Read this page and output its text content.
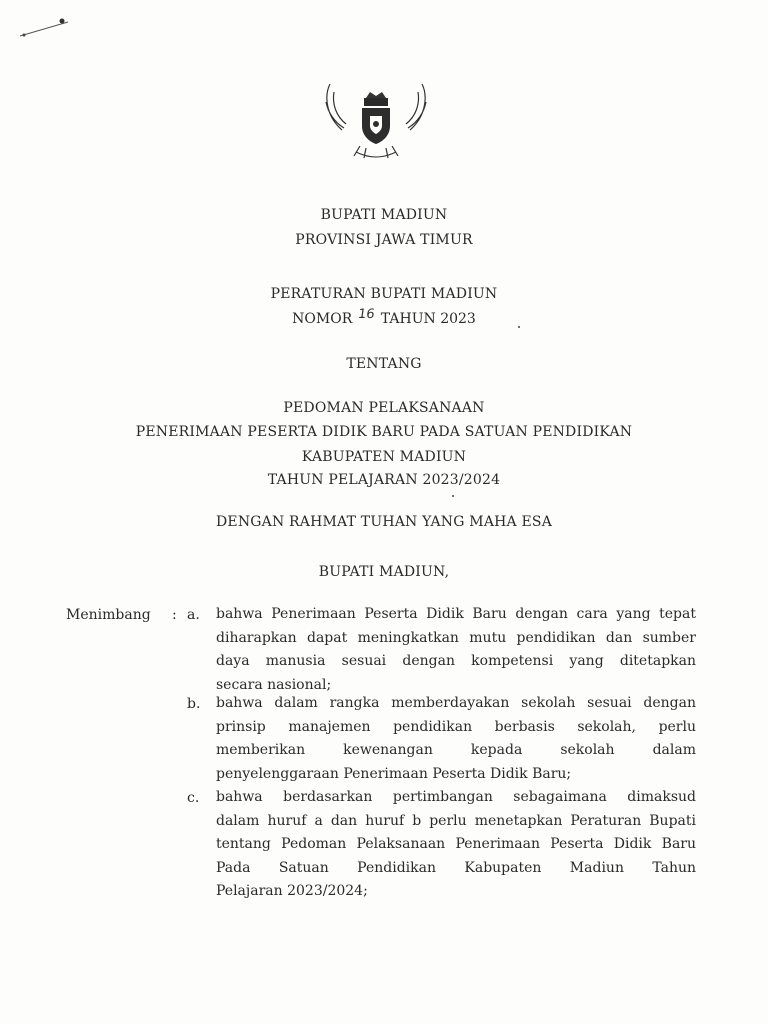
BUPATI MADIUN
PROVINSI JAWA TIMUR
PERATURAN BUPATI MADIUN
NOMOR 16 TAHUN 2023
TENTANG
PEDOMAN PELAKSANAAN
PENERIMAAN PESERTA DIDIK BARU PADA SATUAN PENDIDIKAN
KABUPATEN MADIUN
TAHUN PELAJARAN 2023/2024
DENGAN RAHMAT TUHAN YANG MAHA ESA
BUPATI MADIUN,
Menimbang : a. bahwa Penerimaan Peserta Didik Baru dengan cara yang tepat
diharapkan dapat meningkatkan mutu pendidikan dan sumber
daya manusia sesuai dengan kompetensi yang ditetapkan
secara nasional;
b. bahwa dalam rangka memberdayakan sekolah sesuai dengan
prinsip manajemen pendidikan berbasis sekolah, perlu
memberikan kewenangan kepada sekolah dalam
penyelenggaraan Penerimaan Peserta Didik Baru;
c. bahwa berdasarkan pertimbangan sebagaimana dimaksud
dalam huruf a dan huruf b perlu menetapkan Peraturan Bupati
tentang Pedoman Pelaksanaan Penerimaan Peserta Didik Baru
Pada Satuan Pendidikan Kabupaten Madiun Tahun
Pelajaran 2023/2024;
